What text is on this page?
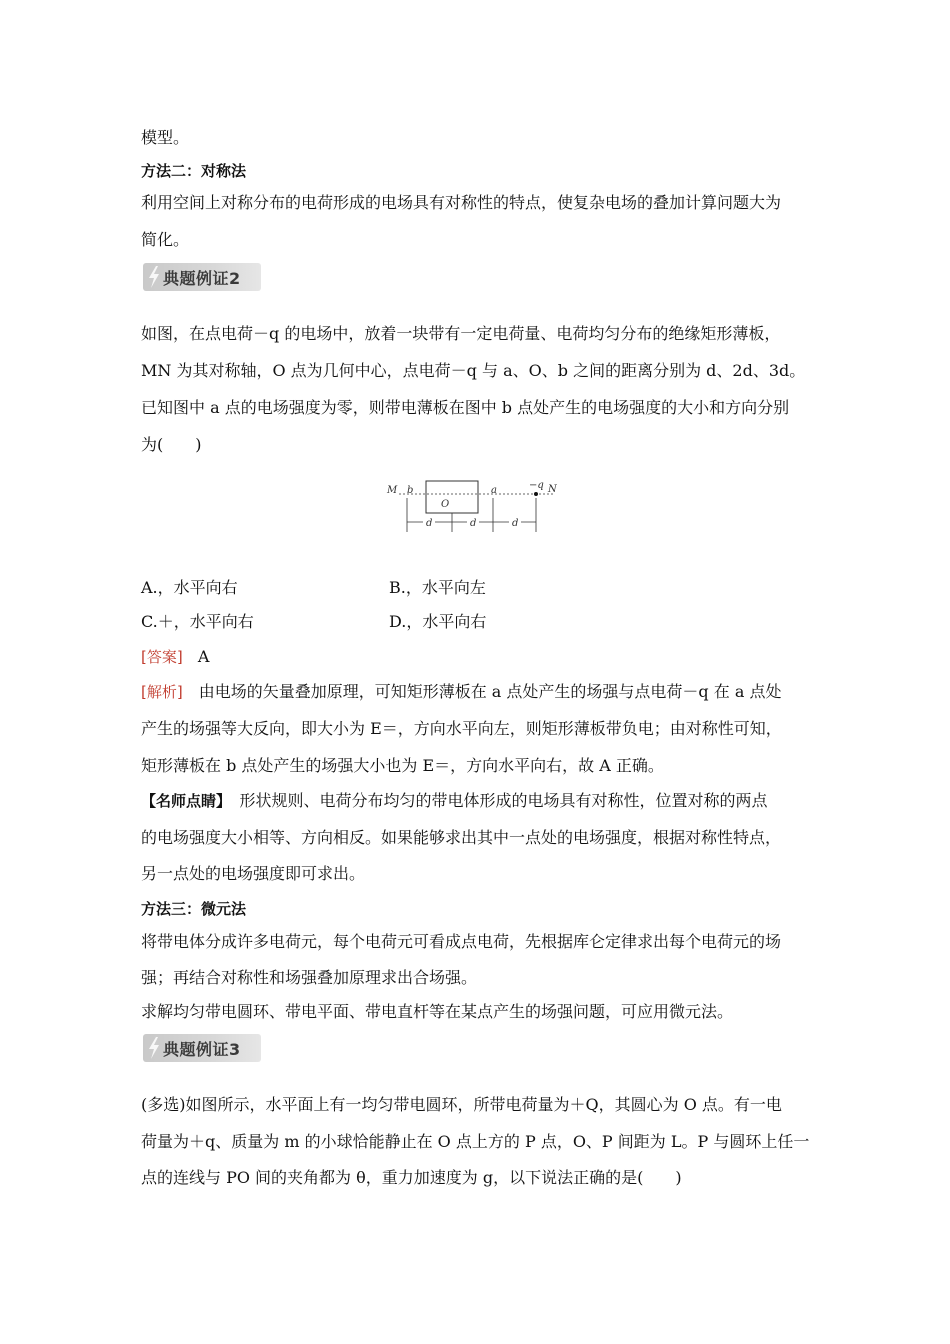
模型。
方法二：对称法
利用空间上对称分布的电荷形成的电场具有对称性的特点，使复杂电场的叠加计算问题大为
简化。
典题例证2
如图，在点电荷－q 的电场中，放着一块带有一定电荷量、电荷均匀分布的绝缘矩形薄板，
MN 为其对称轴，O 点为几何中心，点电荷－q 与 a、O、b 之间的距离分别为 d、2d、3d。
已知图中 a 点的电场强度为零，则带电薄板在图中 b 点处产生的电场强度的大小和方向分别
为(　　)
M b
O
a	−q N
d	d	d
A.，水平向右	B.，水平向左
C.＋，水平向右	D.，水平向右
[答案] A
[解析]　由电场的矢量叠加原理，可知矩形薄板在 a 点处产生的场强与点电荷－q 在 a 点处
产生的场强等大反向，即大小为 E＝，方向水平向左，则矩形薄板带负电；由对称性可知，
矩形薄板在 b 点处产生的场强大小也为 E＝，方向水平向右，故 A 正确。
【名师点睛】　形状规则、电荷分布均匀的带电体形成的电场具有对称性，位置对称的两点
的电场强度大小相等、方向相反。如果能够求出其中一点处的电场强度，根据对称性特点，
另一点处的电场强度即可求出。
方法三：微元法
将带电体分成许多电荷元，每个电荷元可看成点电荷，先根据库仑定律求出每个电荷元的场
强；再结合对称性和场强叠加原理求出合场强。
求解均匀带电圆环、带电平面、带电直杆等在某点产生的场强问题，可应用微元法。
典题例证3
(多选)如图所示，水平面上有一均匀带电圆环，所带电荷量为＋Q，其圆心为 O 点。有一电
荷量为＋q、质量为 m 的小球恰能静止在 O 点上方的 P 点，O、P 间距为 L。P 与圆环上任一
点的连线与 PO 间的夹角都为 θ，重力加速度为 g，以下说法正确的是(　　)
